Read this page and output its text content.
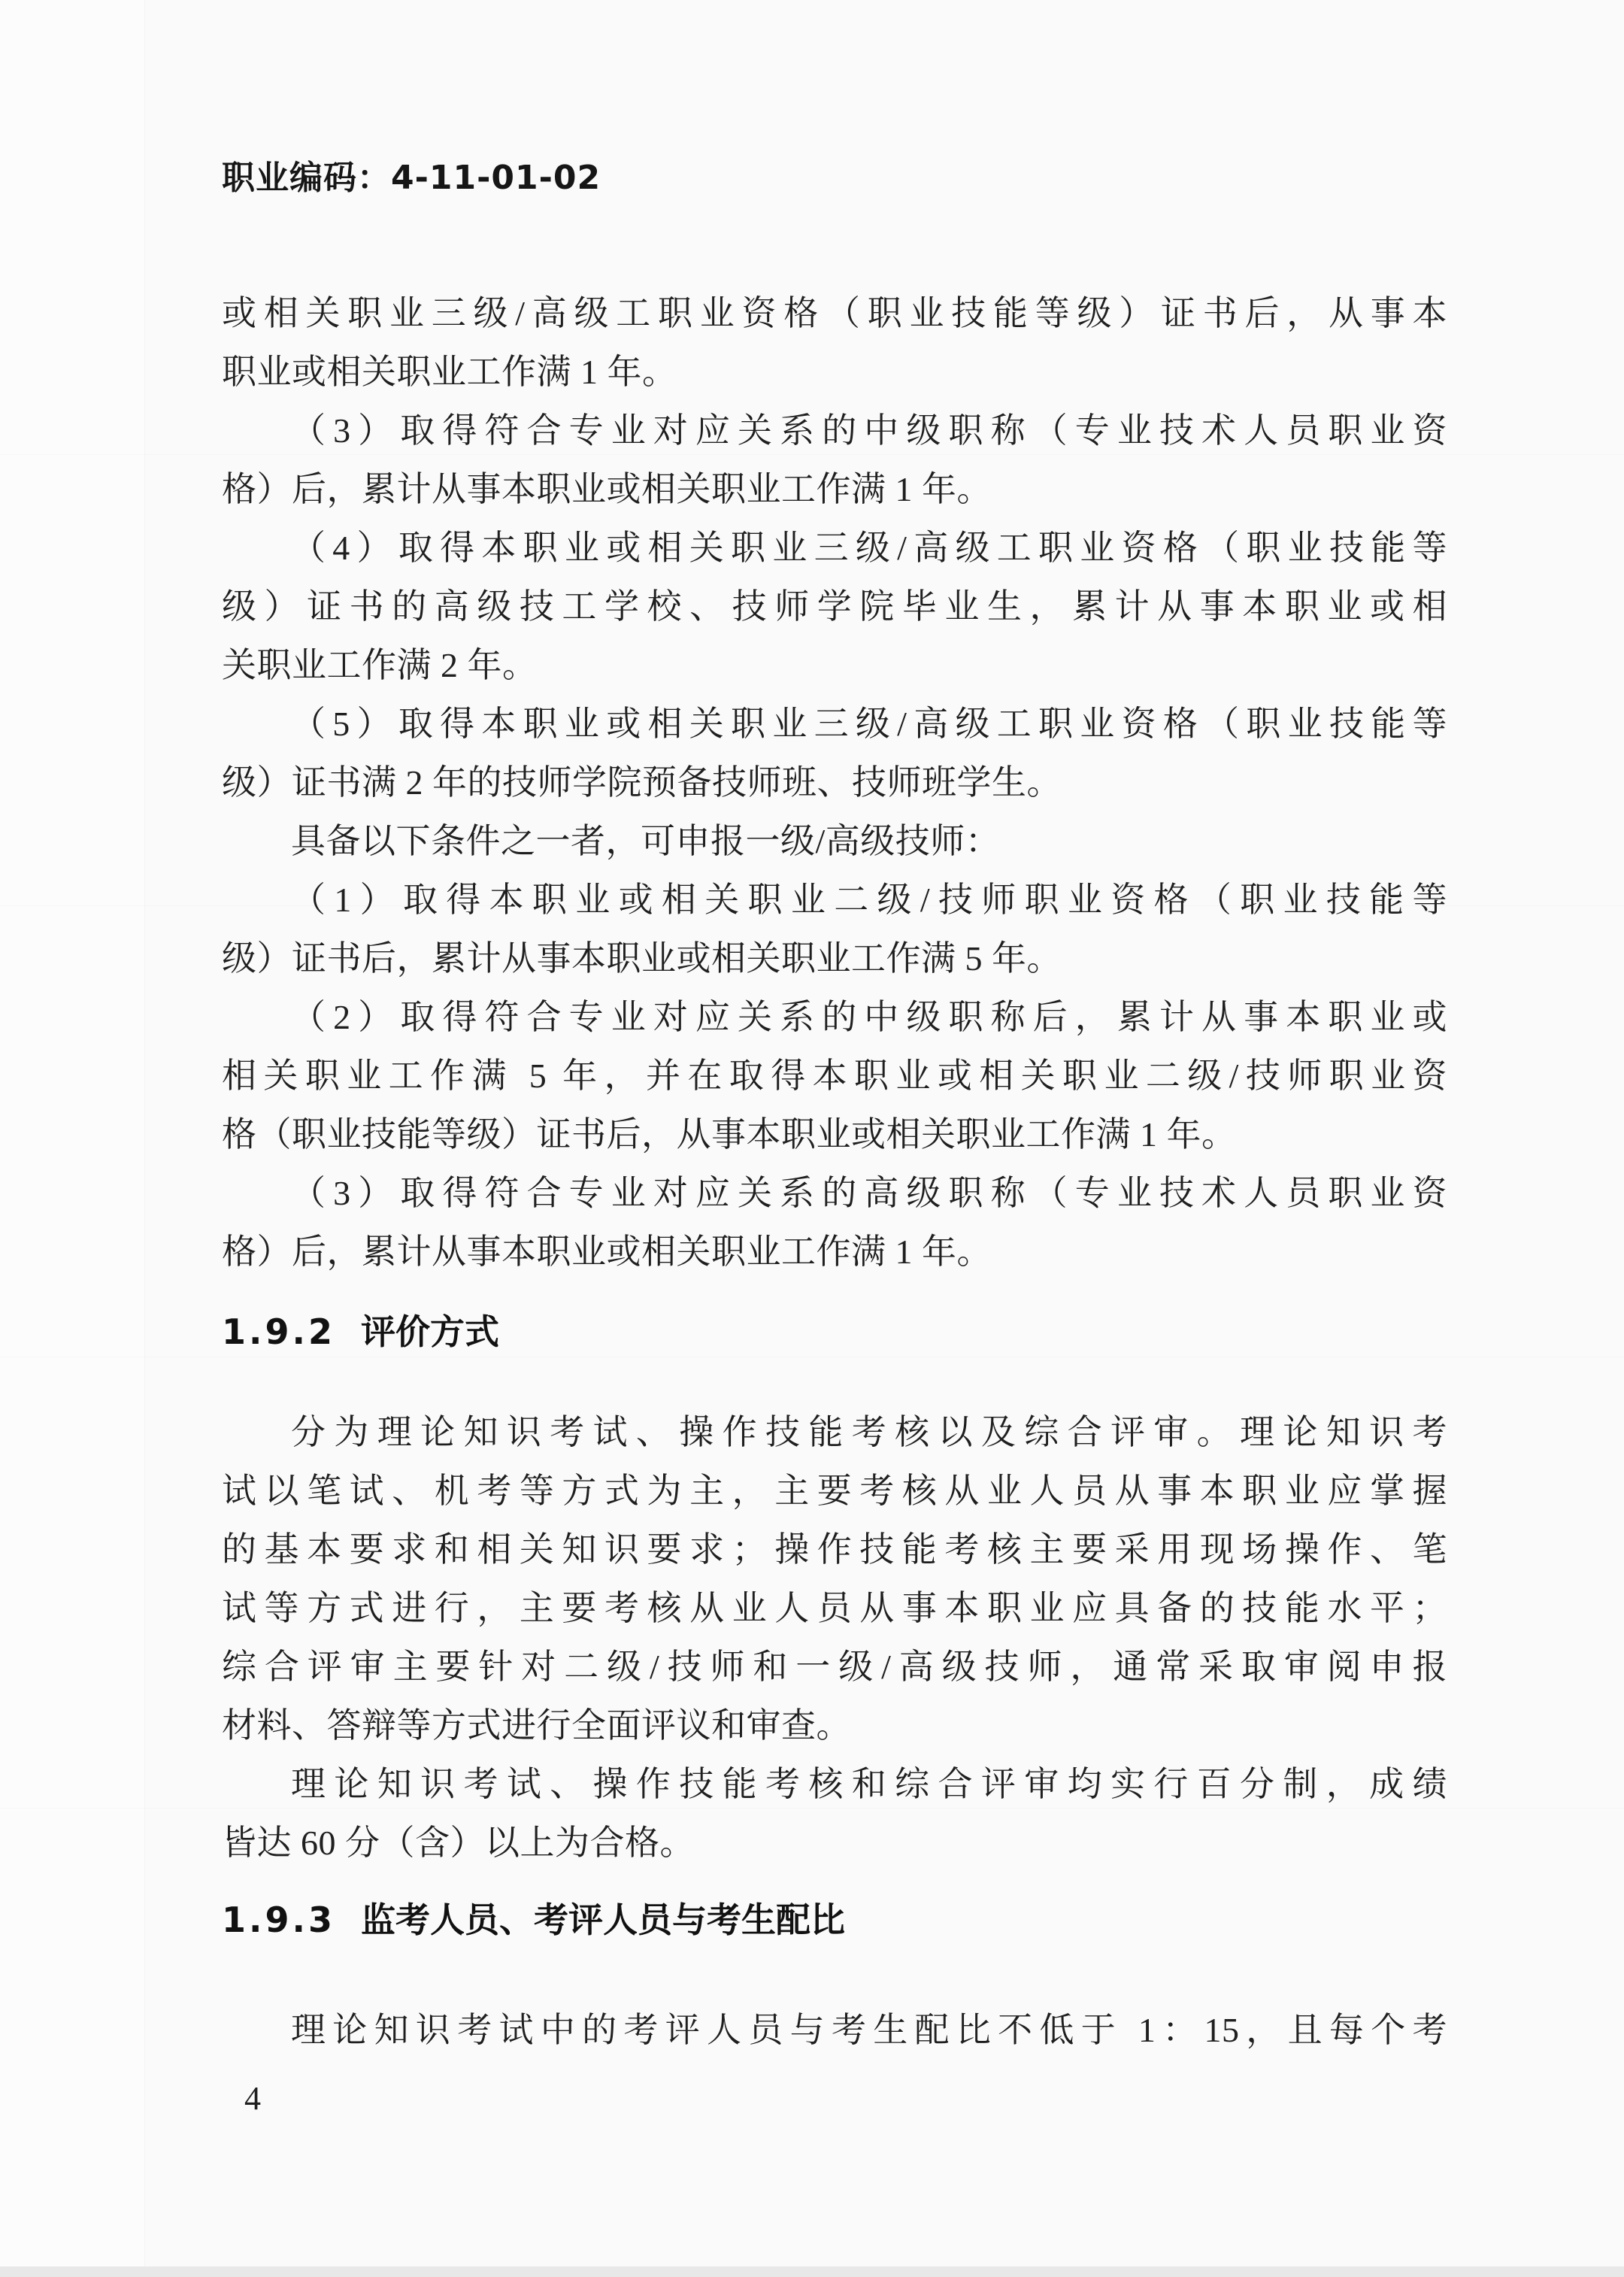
职业编码：4-11-01-02
或相关职业三级/高级工职业资格（职业技能等级）证书后，从事本
职业或相关职业工作满 1 年。
（3）取得符合专业对应关系的中级职称（专业技术人员职业资
格）后，累计从事本职业或相关职业工作满 1 年。
（4）取得本职业或相关职业三级/高级工职业资格（职业技能等
级）证书的高级技工学校、技师学院毕业生，累计从事本职业或相
关职业工作满 2 年。
（5）取得本职业或相关职业三级/高级工职业资格（职业技能等
级）证书满 2 年的技师学院预备技师班、技师班学生。
具备以下条件之一者，可申报一级/高级技师：
（1）取得本职业或相关职业二级/技师职业资格（职业技能等
级）证书后，累计从事本职业或相关职业工作满 5 年。
（2）取得符合专业对应关系的中级职称后，累计从事本职业或
相关职业工作满 5 年，并在取得本职业或相关职业二级/技师职业资
格（职业技能等级）证书后，从事本职业或相关职业工作满 1 年。
（3）取得符合专业对应关系的高级职称（专业技术人员职业资
格）后，累计从事本职业或相关职业工作满 1 年。
1.9.2 评价方式
分为理论知识考试、操作技能考核以及综合评审。理论知识考
试以笔试、机考等方式为主，主要考核从业人员从事本职业应掌握
的基本要求和相关知识要求；操作技能考核主要采用现场操作、笔
试等方式进行，主要考核从业人员从事本职业应具备的技能水平；
综合评审主要针对二级/技师和一级/高级技师，通常采取审阅申报
材料、答辩等方式进行全面评议和审查。
理论知识考试、操作技能考核和综合评审均实行百分制，成绩
皆达 60 分（含）以上为合格。
1.9.3 监考人员、考评人员与考生配比
理论知识考试中的考评人员与考生配比不低于 1：15，且每个考
4
